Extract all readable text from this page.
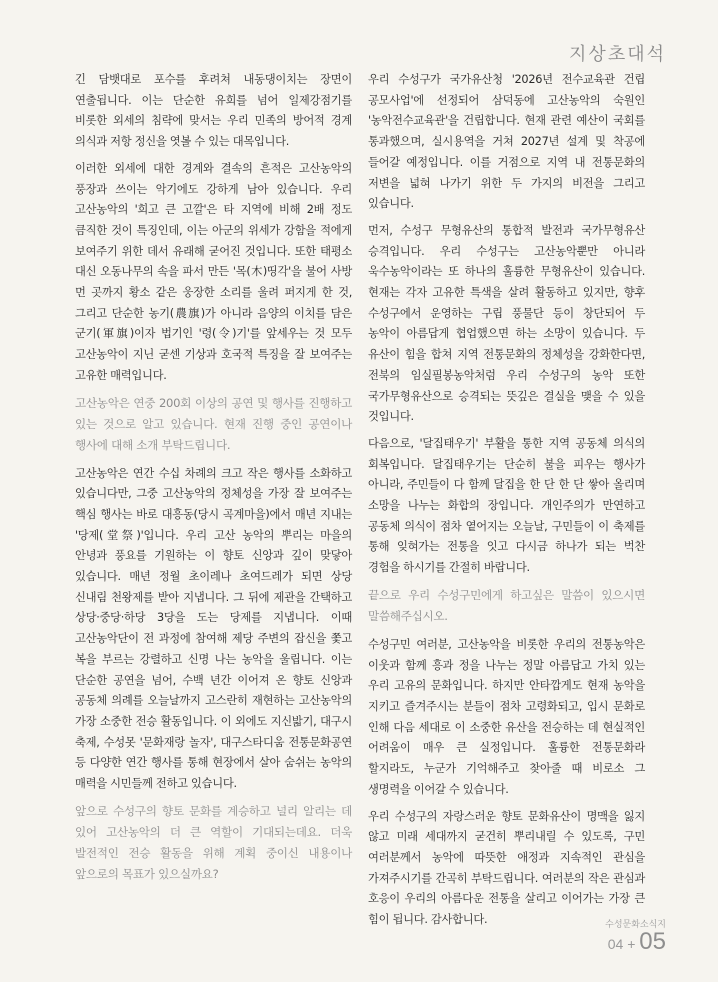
지상초대석

긴 담뱃대로 포수를 후려쳐 내동댕이치는 장면이 연출됩니다. 이는 단순한 유희를 넘어 일제강점기를 비롯한 외세의 침략에 맞서는 우리 민족의 방어적 경계 의식과 저항 정신을 엿볼 수 있는 대목입니다.

이러한 외세에 대한 경계와 결속의 흔적은 고산농악의 풍장과 쓰이는 악기에도 강하게 남아 있습니다. 우리 고산농악의 '희고 큰 고깔'은 타 지역에 비해 2배 정도 큼직한 것이 특징인데, 이는 아군의 위세가 강함을 적에게 보여주기 위한 데서 유래해 굳어진 것입니다. 또한 태평소 대신 오동나무의 속을 파서 만든 '목(木)띵각'을 불어 사방 먼 곳까지 황소 같은 웅장한 소리를 울려 퍼지게 한 것, 그리고 단순한 농기(農旗)가 아니라 음양의 이치를 담은 군기(軍旗)이자 법기인 '령(令)기'를 앞세우는 것 모두 고산농악이 지닌 굳센 기상과 호국적 특징을 잘 보여주는 고유한 매력입니다.

고산농악은 연중 200회 이상의 공연 및 행사를 진행하고 있는 것으로 알고 있습니다. 현재 진행 중인 공연이나 행사에 대해 소개 부탁드립니다.

고산농악은 연간 수십 차례의 크고 작은 행사를 소화하고 있습니다만, 그중 고산농악의 정체성을 가장 잘 보여주는 핵심 행사는 바로 대흥동(당시 곡계마을)에서 매년 지내는 '당제(堂祭)'입니다. 우리 고산 농악의 뿌리는 마을의 안녕과 풍요를 기원하는 이 향토 신앙과 깊이 맞닿아 있습니다. 매년 정월 초이레나 초여드레가 되면 상당 신내림 천왕제를 받아 지냅니다. 그 뒤에 제관을 간택하고 상당·중당·하당 3당을 도는 당제를 지냅니다. 이때 고산농악단이 전 과정에 참여해 제당 주변의 잡신을 쫓고 복을 부르는 강렬하고 신명 나는 농악을 울립니다. 이는 단순한 공연을 넘어, 수백 년간 이어져 온 향토 신앙과 공동체 의례를 오늘날까지 고스란히 재현하는 고산농악의 가장 소중한 전승 활동입니다. 이 외에도 지신밟기, 대구시 축제, 수성못 '문화재랑 놀자', 대구스타디움 전통문화공연 등 다양한 연간 행사를 통해 현장에서 살아 숨쉬는 농악의 매력을 시민들께 전하고 있습니다.

앞으로 수성구의 향토 문화를 계승하고 널리 알리는 데 있어 고산농악의 더 큰 역할이 기대되는데요. 더욱 발전적인 전승 활동을 위해 계획 중이신 내용이나 앞으로의 목표가 있으실까요?

우리 수성구가 국가유산청 '2026년 전수교육관 건립 공모사업'에 선정되어 삼덕동에 고산농악의 숙원인 '농악전수교육관'을 건립합니다. 현재 관련 예산이 국회를 통과했으며, 실시용역을 거쳐 2027년 설계 및 착공에 들어갈 예정입니다. 이를 거점으로 지역 내 전통문화의 저변을 넓혀 나가기 위한 두 가지의 비전을 그리고 있습니다.

먼저, 수성구 무형유산의 통합적 발전과 국가무형유산 승격입니다. 우리 수성구는 고산농악뿐만 아니라 욱수농악이라는 또 하나의 훌륭한 무형유산이 있습니다. 현재는 각자 고유한 특색을 살려 활동하고 있지만, 향후 수성구에서 운영하는 구립 풍물단 등이 창단되어 두 농악이 아름답게 협업했으면 하는 소망이 있습니다. 두 유산이 힘을 합쳐 지역 전통문화의 정체성을 강화한다면, 전북의 임실필봉농악처럼 우리 수성구의 농악 또한 국가무형유산으로 승격되는 뜻깊은 결실을 맺을 수 있을 것입니다.

다음으로, '달집태우기' 부활을 통한 지역 공동체 의식의 회복입니다. 달집태우기는 단순히 불을 피우는 행사가 아니라, 주민들이 다 함께 달집을 한 단 한 단 쌓아 올리며 소망을 나누는 화합의 장입니다. 개인주의가 만연하고 공동체 의식이 점차 옅어지는 오늘날, 구민들이 이 축제를 통해 잊혀가는 전통을 잇고 다시금 하나가 되는 벅찬 경험을 하시기를 간절히 바랍니다.

끝으로 우리 수성구민에게 하고싶은 말씀이 있으시면 말씀해주십시오.

수성구민 여러분, 고산농악을 비롯한 우리의 전통농악은 이웃과 함께 흥과 정을 나누는 정말 아름답고 가치 있는 우리 고유의 문화입니다. 하지만 안타깝게도 현재 농악을 지키고 즐겨주시는 분들이 점차 고령화되고, 입시 문화로 인해 다음 세대로 이 소중한 유산을 전승하는 데 현실적인 어려움이 매우 큰 실정입니다. 훌륭한 전통문화라 할지라도, 누군가 기억해주고 찾아줄 때 비로소 그 생명력을 이어갈 수 있습니다.

우리 수성구의 자랑스러운 향토 문화유산이 명맥을 잃지 않고 미래 세대까지 굳건히 뿌리내릴 수 있도록, 구민 여러분께서 농악에 따뜻한 애정과 지속적인 관심을 가져주시기를 간곡히 부탁드립니다. 여러분의 작은 관심과 호응이 우리의 아름다운 전통을 살리고 이어가는 가장 큰 힘이 됩니다. 감사합니다.	수성문화소식지
04 + 05
